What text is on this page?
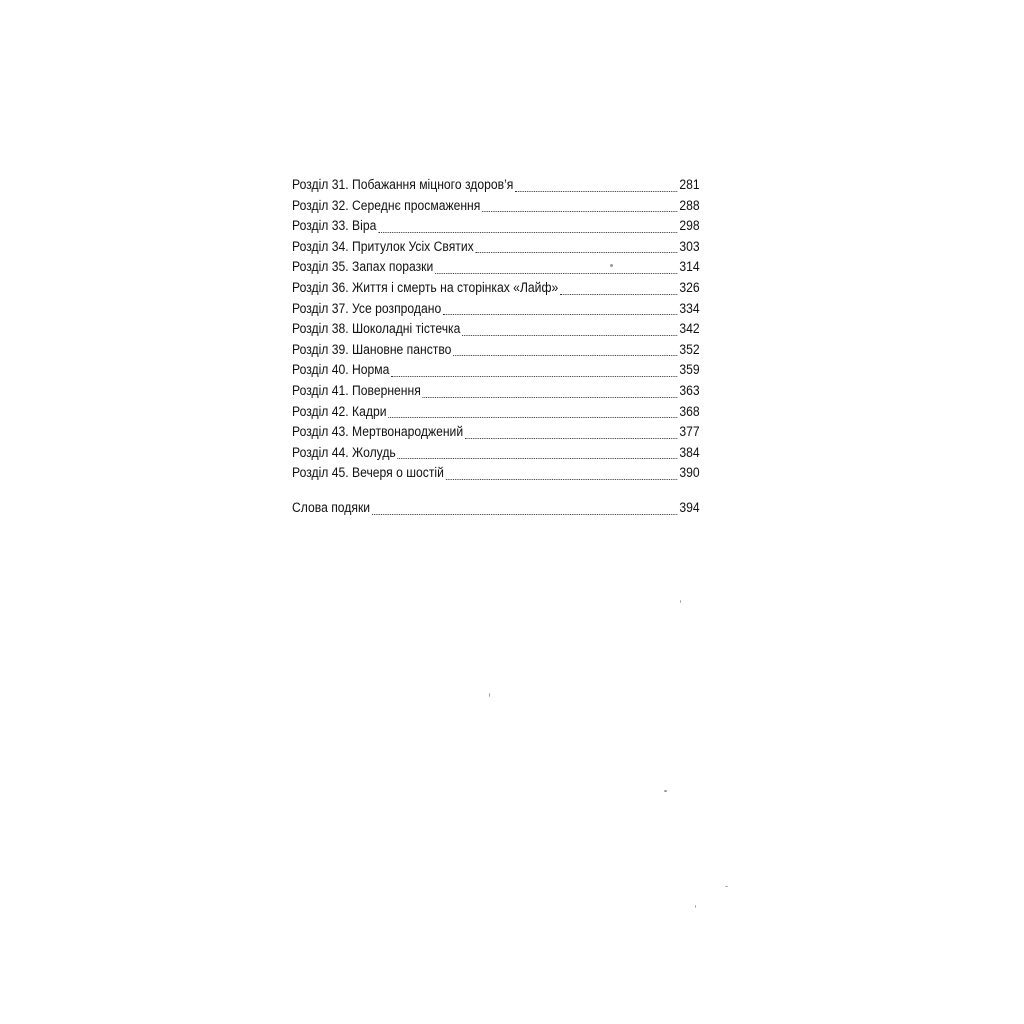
Розділ 31. Побажання міцного здоров’я	281
Розділ 32. Середнє просмаження	288
Розділ 33. Віра	298
Розділ 34. Притулок Усіх Святих	303
Розділ 35. Запах поразки	314
Розділ 36. Життя і смерть на сторінках «Лайф»	326
Розділ 37. Усе розпродано	334
Розділ 38. Шоколадні тістечка	342
Розділ 39. Шановне панство	352
Розділ 40. Норма	359
Розділ 41. Повернення	363
Розділ 42. Кадри	368
Розділ 43. Мертвонароджений	377
Розділ 44. Жолудь	384
Розділ 45. Вечеря о шостій	390
Слова подяки	394
